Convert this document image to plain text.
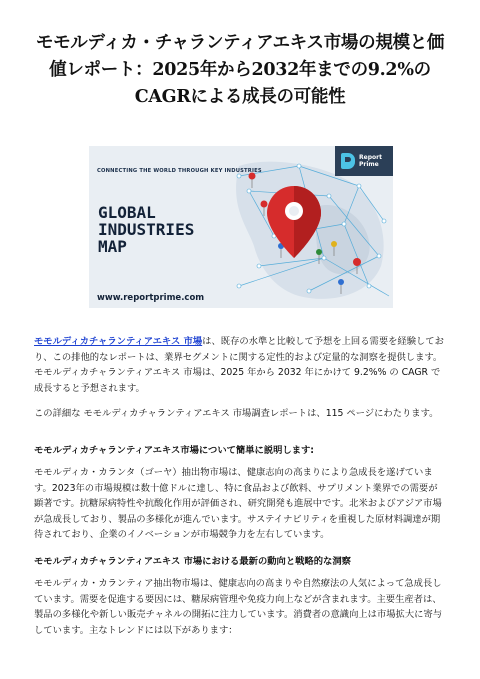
モモルディカ・チャランティアエキス市場の規模と価値レポート：2025年から2032年までの9.2%のCAGRによる成長の可能性
CONNECTING THE WORLD THROUGH KEY INDUSTRIES
GLOBAL
INDUSTRIES
MAP
www.reportprime.com
Report
Prime

モモルディカチャランティアエキス 市場は、既存の水準と比較して予想を上回る需要を経験しており、この排他的なレポートは、業界セグメントに関する定性的および定量的な洞察を提供します。 モモルディカチャランティアエキス 市場は、2025 年から 2032 年にかけて 9.2%% の CAGR で成長すると予想されます。

この詳細な モモルディカチャランティアエキス 市場調査レポートは、115 ページにわたります。

モモルディカチャランティアエキス市場について簡単に説明します:

モモルディカ・カランタ（ゴーヤ）抽出物市場は、健康志向の高まりにより急成長を遂げています。2023年の市場規模は数十億ドルに達し、特に食品および飲料、サプリメント業界での需要が顕著です。抗糖尿病特性や抗酸化作用が評価され、研究開発も進展中です。北米およびアジア市場が急成長しており、製品の多様化が進んでいます。サステイナビリティを重視した原材料調達が期待されており、企業のイノベーションが市場競争力を左右しています。

モモルディカチャランティアエキス 市場における最新の動向と戦略的な洞察

モモルディカ・カランティア抽出物市場は、健康志向の高まりや自然療法の人気によって急成長しています。需要を促進する要因には、糖尿病管理や免疫力向上などが含まれます。主要生産者は、製品の多様化や新しい販売チャネルの開拓に注力しています。消費者の意識向上は市場拡大に寄与しています。主なトレンドには以下があります：
